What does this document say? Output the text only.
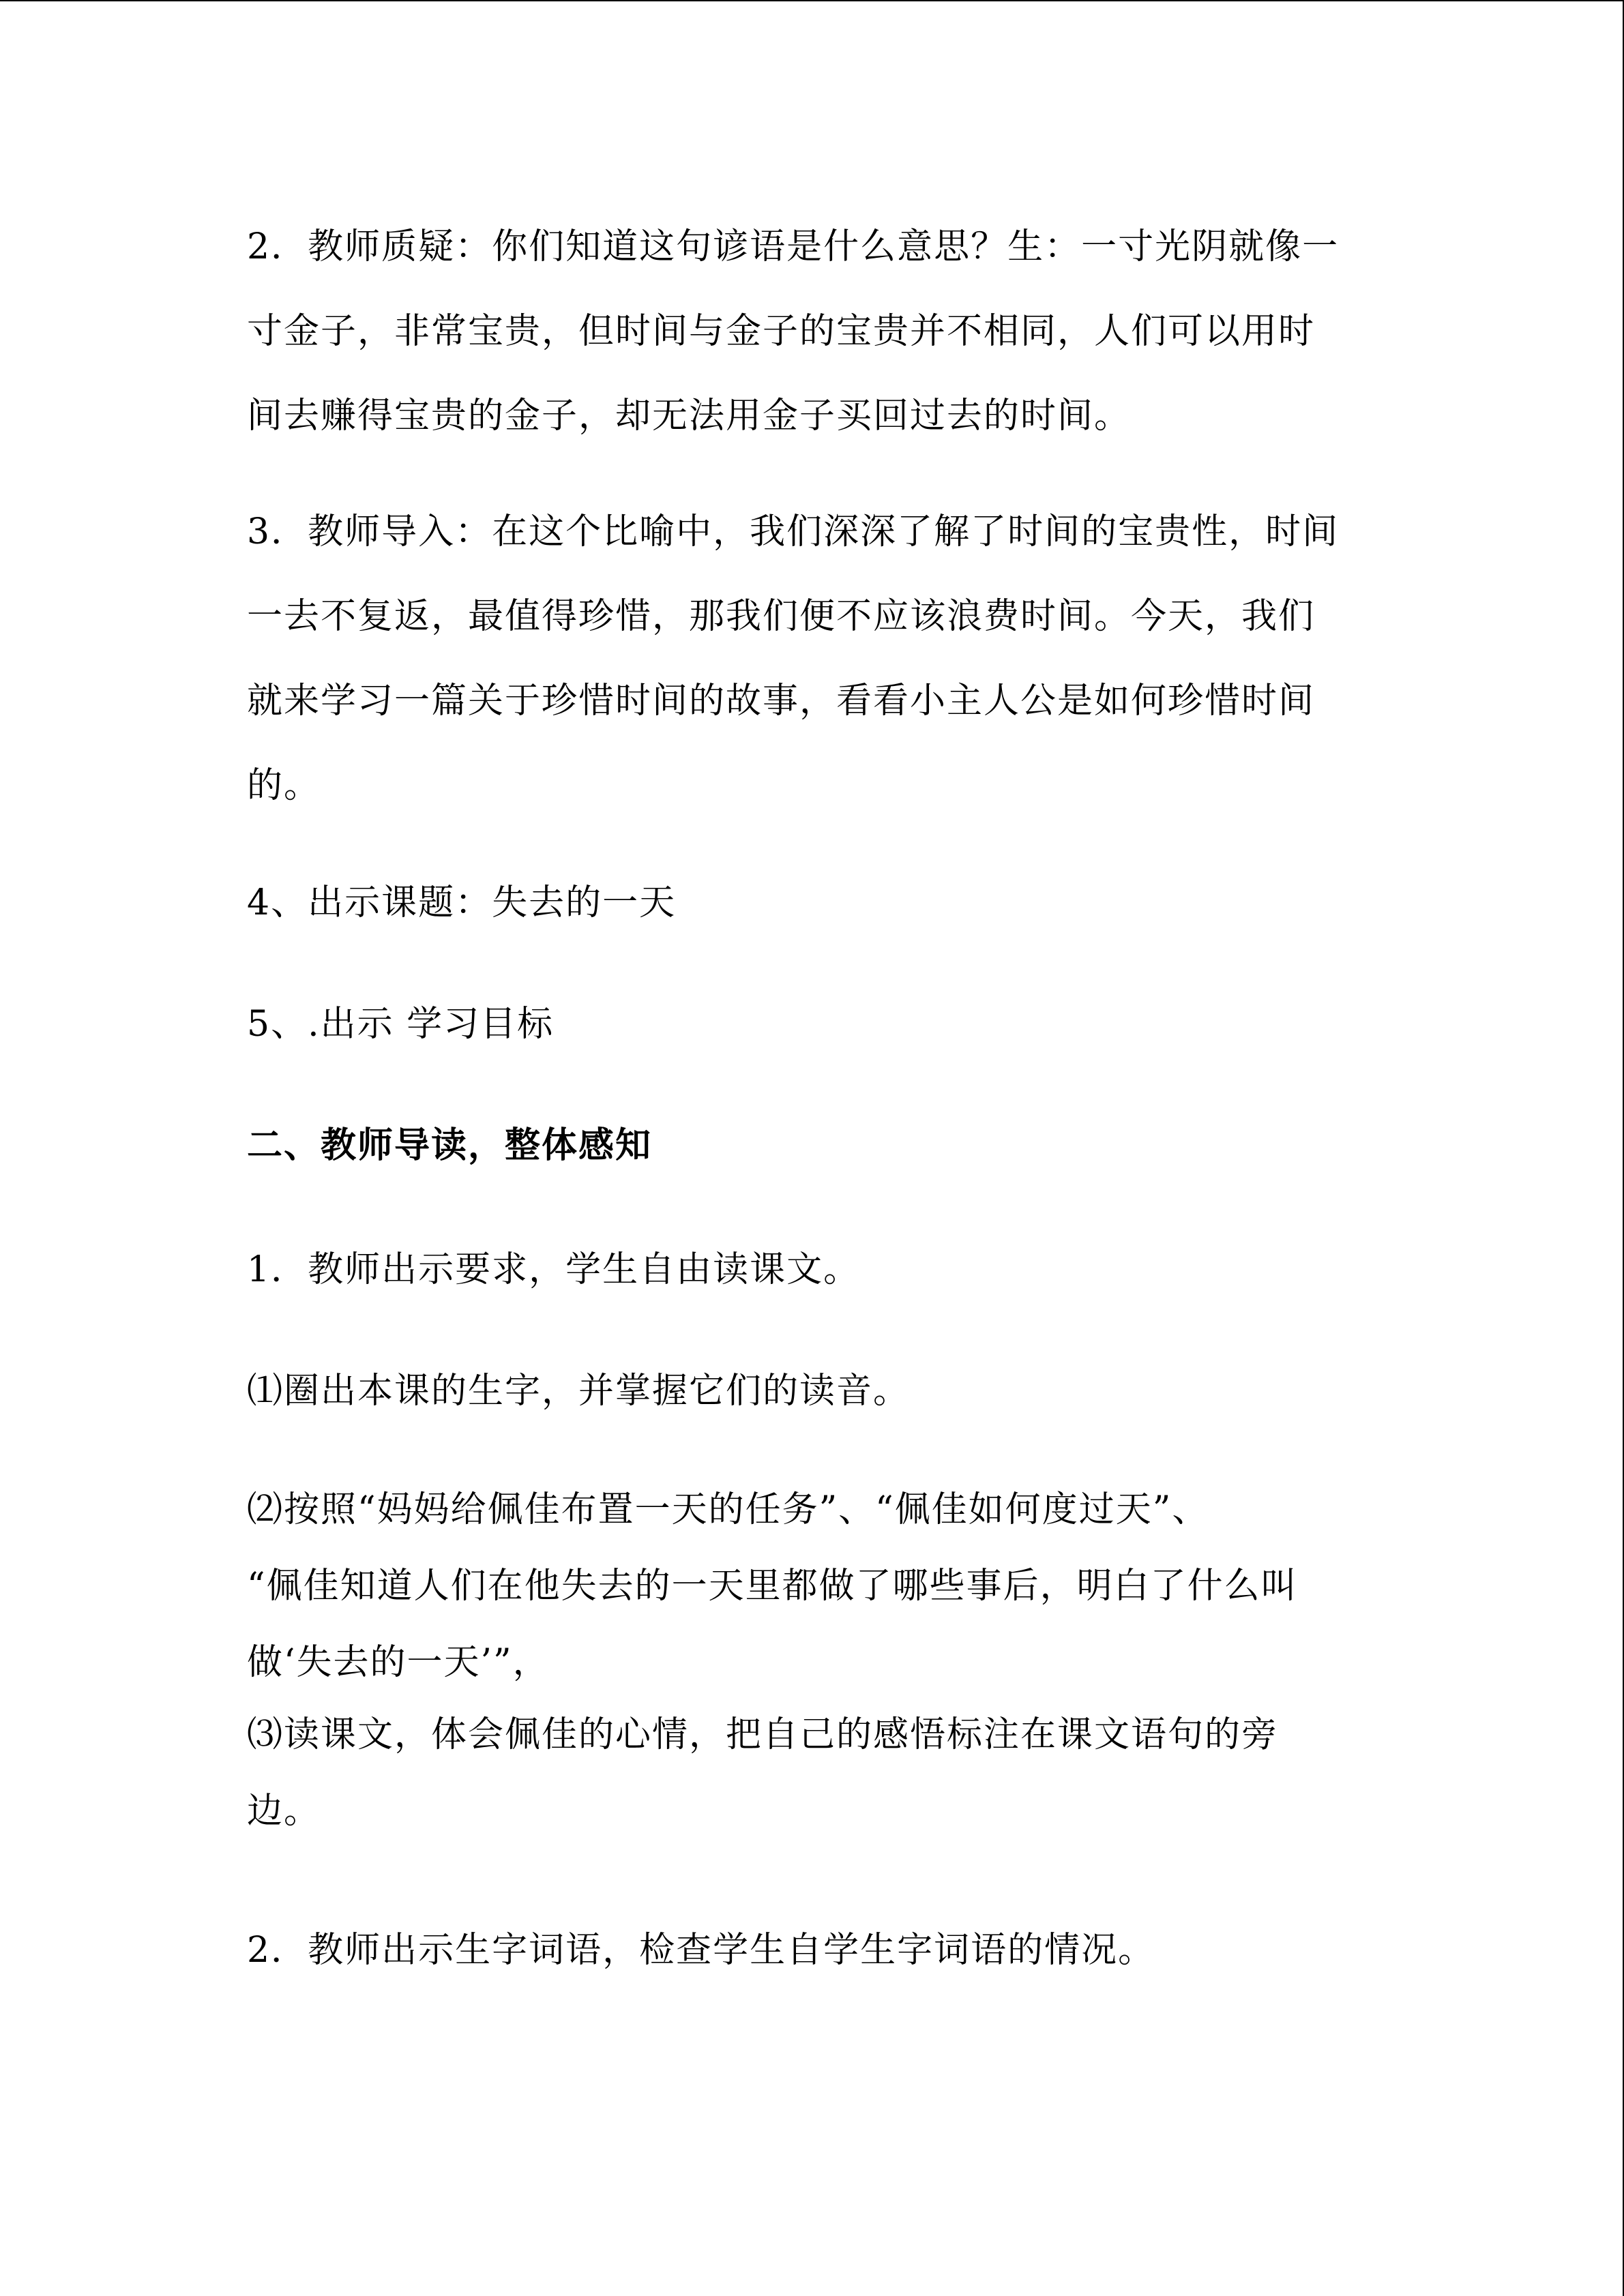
2．教师质疑：你们知道这句谚语是什么意思？生：一寸光阴就像一
寸金子，非常宝贵，但时间与金子的宝贵并不相同，人们可以用时
间去赚得宝贵的金子，却无法用金子买回过去的时间。
3．教师导入：在这个比喻中，我们深深了解了时间的宝贵性，时间
一去不复返，最值得珍惜，那我们便不应该浪费时间。今天，我们
就来学习一篇关于珍惜时间的故事，看看小主人公是如何珍惜时间
的。
4、出示课题：失去的一天
5、.出示 学习目标
二、教师导读，整体感知
1．教师出示要求，学生自由读课文。
⑴圈出本课的生字，并掌握它们的读音。
⑵按照“妈妈给佩佳布置一天的任务”、“佩佳如何度过天”、
“佩佳知道人们在他失去的一天里都做了哪些事后，明白了什么叫
做‘失去的一天’”，
⑶读课文，体会佩佳的心情，把自己的感悟标注在课文语句的旁
边。
2．教师出示生字词语，检查学生自学生字词语的情况。
